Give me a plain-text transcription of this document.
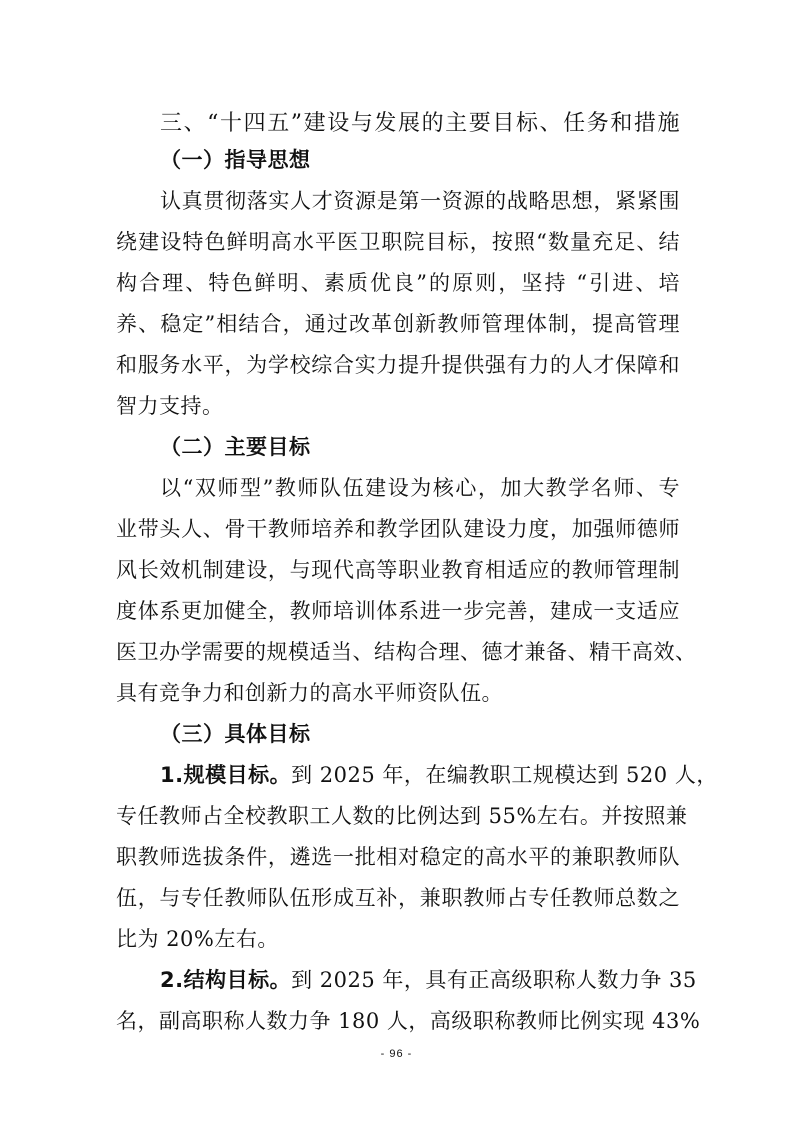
三、“十四五”建设与发展的主要目标、任务和措施
（一）指导思想
认真贯彻落实人才资源是第一资源的战略思想，紧紧围
绕建设特色鲜明高水平医卫职院目标，按照“数量充足、结
构合理、特色鲜明、素质优良”的原则，坚持 “引进、培
养、稳定”相结合，通过改革创新教师管理体制，提高管理
和服务水平，为学校综合实力提升提供强有力的人才保障和
智力支持。
（二）主要目标
以“双师型”教师队伍建设为核心，加大教学名师、专
业带头人、骨干教师培养和教学团队建设力度，加强师德师
风长效机制建设，与现代高等职业教育相适应的教师管理制
度体系更加健全，教师培训体系进一步完善，建成一支适应
医卫办学需要的规模适当、结构合理、德才兼备、精干高效、
具有竞争力和创新力的高水平师资队伍。
（三）具体目标
1.规模目标。到 2025 年，在编教职工规模达到 520 人，
专任教师占全校教职工人数的比例达到 55%左右。并按照兼
职教师选拔条件，遴选一批相对稳定的高水平的兼职教师队
伍，与专任教师队伍形成互补，兼职教师占专任教师总数之
比为 20%左右。
2.结构目标。到 2025 年，具有正高级职称人数力争 35
名，副高职称人数力争 180 人，高级职称教师比例实现 43%
- 96 -
